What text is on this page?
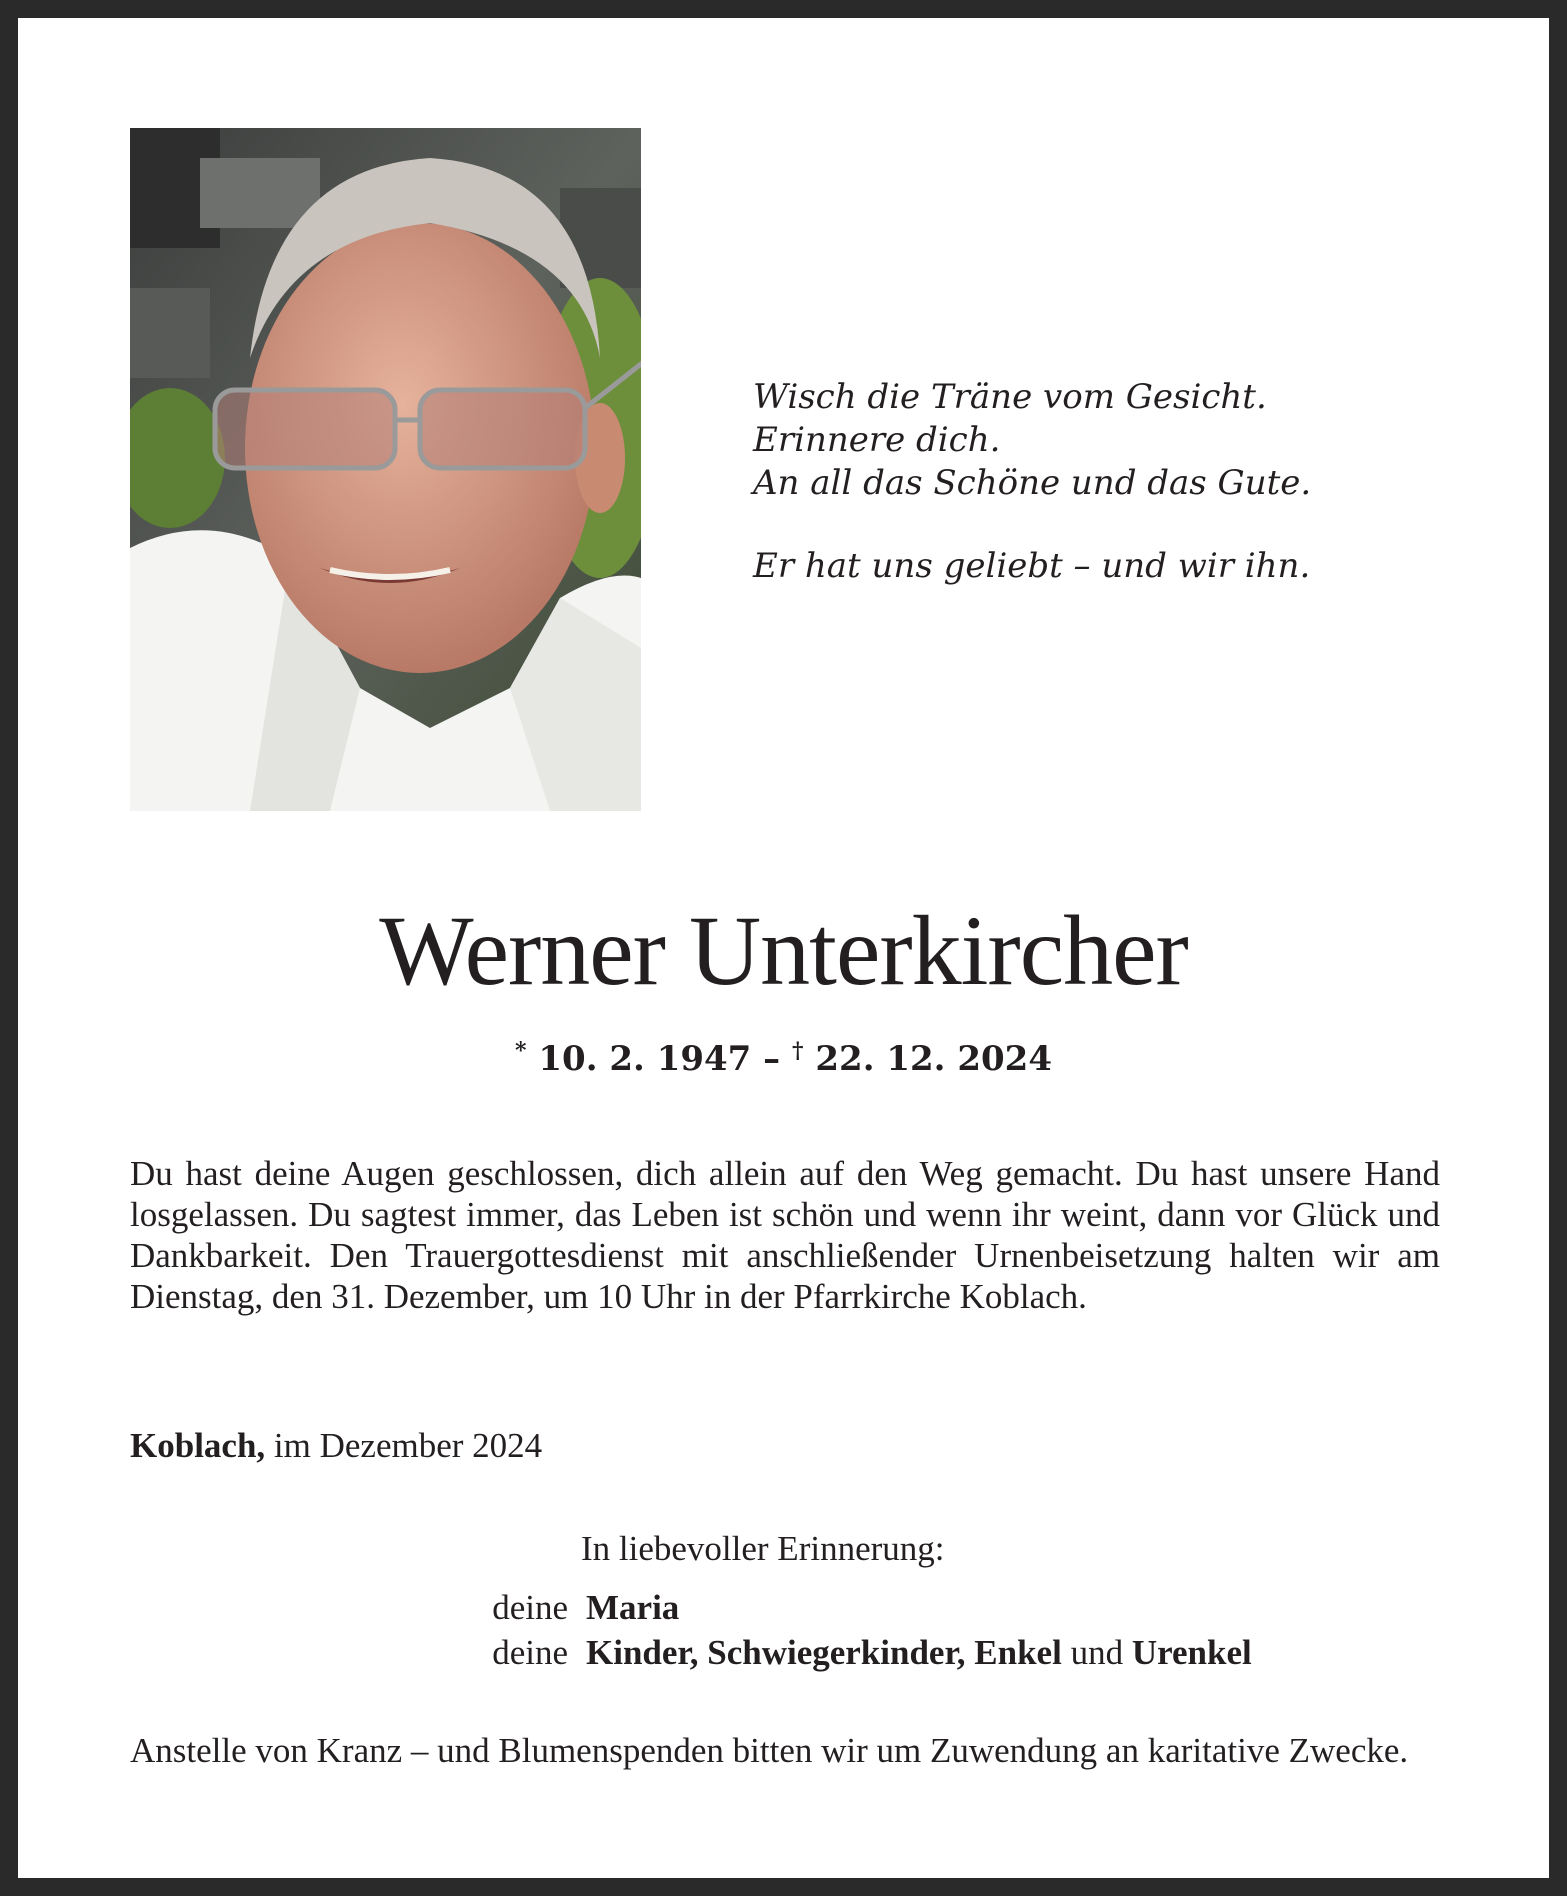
Wisch die Träne vom Gesicht.
Erinnere dich.
An all das Schöne und das Gute.
Er hat uns geliebt – und wir ihn.
Werner Unterkircher
* 10. 2. 1947 – † 22. 12. 2024
Du hast deine Augen geschlossen, dich allein auf den Weg gemacht. Du hast unsere Hand losgelassen. Du sagtest immer, das Leben ist schön und wenn ihr weint, dann vor Glück und Dankbarkeit. Den Trauergottesdienst mit anschließender Urnenbeisetzung halten wir am Dienstag, den 31. Dezember, um 10 Uhr in der Pfarrkirche Koblach.
Koblach, im Dezember 2024
In liebevoller Erinnerung:
deine Maria
deine Kinder, Schwiegerkinder, Enkel und Urenkel
Anstelle von Kranz – und Blumenspenden bitten wir um Zuwendung an karitative Zwecke.
